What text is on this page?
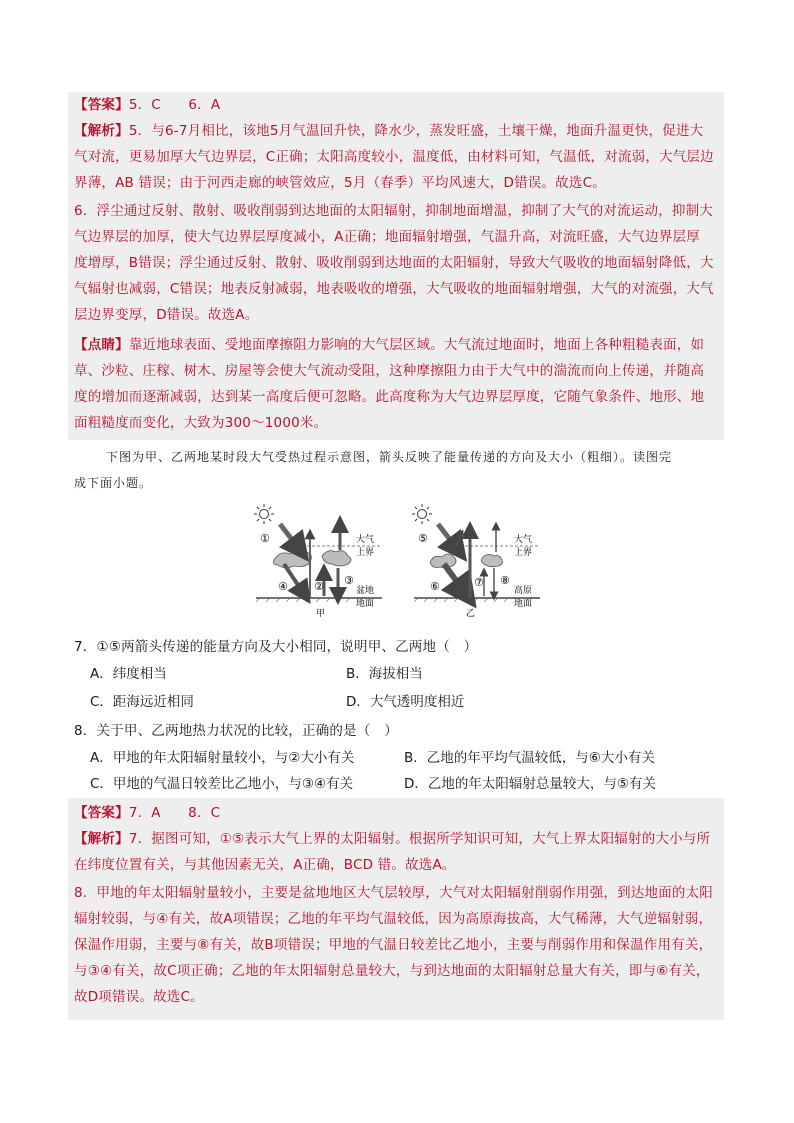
【答案】5．C　　6．A
【解析】5．与6-7月相比，该地5月气温回升快，降水少，蒸发旺盛，土壤干燥，地面升温更快，促进大
气对流，更易加厚大气边界层，C正确；太阳高度较小，温度低，由材料可知，气温低，对流弱，大气层边
界薄，AB 错误；由于河西走廊的峡管效应，5月（春季）平均风速大，D错误。故选C。
6．浮尘通过反射、散射、吸收削弱到达地面的太阳辐射，抑制地面增温，抑制了大气的对流运动，抑制大
气边界层的加厚，使大气边界层厚度减小，A正确；地面辐射增强，气温升高，对流旺盛，大气边界层厚
度增厚，B错误；浮尘通过反射、散射、吸收削弱到达地面的太阳辐射，导致大气吸收的地面辐射降低，大
气辐射也减弱，C错误；地表反射减弱，地表吸收的增强，大气吸收的地面辐射增强，大气的对流强，大气
层边界变厚，D错误。故选A。
【点睛】靠近地球表面、受地面摩擦阻力影响的大气层区域。大气流过地面时，地面上各种粗糙表面，如
草、沙粒、庄稼、树木、房屋等会使大气流动受阻，这种摩擦阻力由于大气中的湍流而向上传递，并随高
度的增加而逐渐减弱，达到某一高度后便可忽略。此高度称为大气边界层厚度，它随气象条件、地形、地
面粗糙度而变化，大致为300～1000米。
下图为甲、乙两地某时段大气受热过程示意图，箭头反映了能量传递的方向及大小（粗细）。读图完
成下面小题。
①
④ ② ③
大气
上界
盆地
地面
甲
⑤
⑥	⑦ ⑧
大气
上界
高原
地面
乙
7．①⑤两箭头传递的能量方向及大小相同，说明甲、乙两地（　）
A．纬度相当	B．海拔相当
C．距海远近相同	D．大气透明度相近
8．关于甲、乙两地热力状况的比较，正确的是（　）
A．甲地的年太阳辐射量较小，与②大小有关	B．乙地的年平均气温较低，与⑥大小有关
C．甲地的气温日较差比乙地小，与③④有关	D．乙地的年太阳辐射总量较大，与⑤有关
【答案】7．A　　8．C
【解析】7．据图可知，①⑤表示大气上界的太阳辐射。根据所学知识可知，大气上界太阳辐射的大小与所
在纬度位置有关，与其他因素无关，A正确，BCD 错。故选A。
8．甲地的年太阳辐射量较小，主要是盆地地区大气层较厚，大气对太阳辐射削弱作用强，到达地面的太阳
辐射较弱，与④有关，故A项错误；乙地的年平均气温较低，因为高原海拔高，大气稀薄，大气逆辐射弱，
保温作用弱，主要与⑧有关，故B项错误；甲地的气温日较差比乙地小，主要与削弱作用和保温作用有关，
与③④有关，故C项正确；乙地的年太阳辐射总量较大，与到达地面的太阳辐射总量大有关，即与⑥有关，
故D项错误。故选C。
